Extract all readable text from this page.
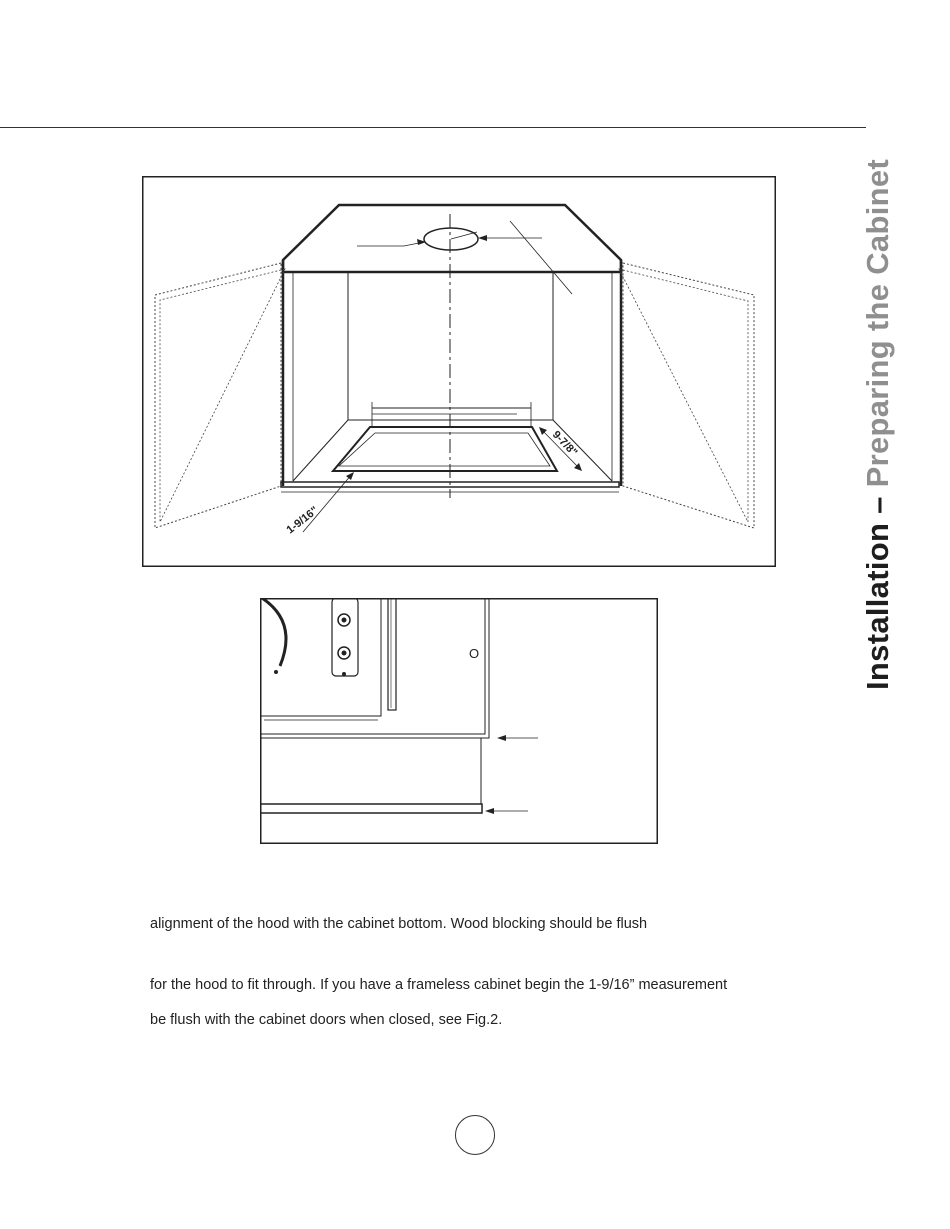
Installation – Preparing the Cabinet
9-7/8"
1-9/16"
O
alignment of the hood with the cabinet bottom. Wood blocking should be flush
for the hood to fit through. If you have a frameless cabinet begin the 1-9/16” measurement
be flush with the cabinet doors when closed, see Fig.2.
